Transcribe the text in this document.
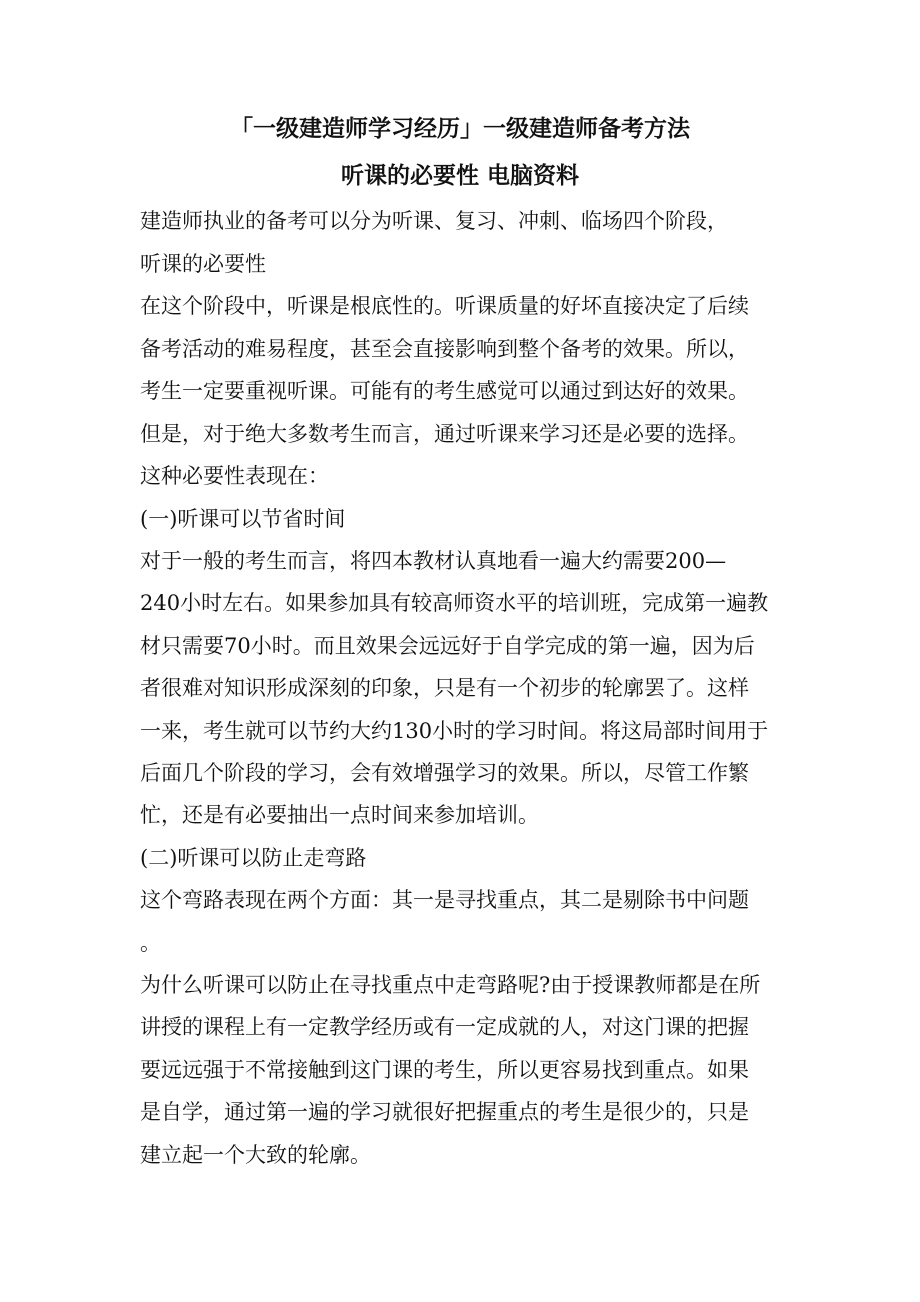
「一级建造师学习经历」一级建造师备考方法
听课的必要性 电脑资料
建造师执业的备考可以分为听课、复习、冲刺、临场四个阶段，
听课的必要性
在这个阶段中，听课是根底性的。听课质量的好坏直接决定了后续
备考活动的难易程度，甚至会直接影响到整个备考的效果。所以，
考生一定要重视听课。可能有的考生感觉可以通过到达好的效果。
但是，对于绝大多数考生而言，通过听课来学习还是必要的选择。
这种必要性表现在：
(一)听课可以节省时间
对于一般的考生而言，将四本教材认真地看一遍大约需要200—
240小时左右。如果参加具有较高师资水平的培训班，完成第一遍教
材只需要70小时。而且效果会远远好于自学完成的第一遍，因为后
者很难对知识形成深刻的印象，只是有一个初步的轮廓罢了。这样
一来，考生就可以节约大约130小时的学习时间。将这局部时间用于
后面几个阶段的学习，会有效增强学习的效果。所以，尽管工作繁
忙，还是有必要抽出一点时间来参加培训。
(二)听课可以防止走弯路
这个弯路表现在两个方面：其一是寻找重点，其二是剔除书中问题
。
为什么听课可以防止在寻找重点中走弯路呢?由于授课教师都是在所
讲授的课程上有一定教学经历或有一定成就的人，对这门课的把握
要远远强于不常接触到这门课的考生，所以更容易找到重点。如果
是自学，通过第一遍的学习就很好把握重点的考生是很少的，只是
建立起一个大致的轮廓。
